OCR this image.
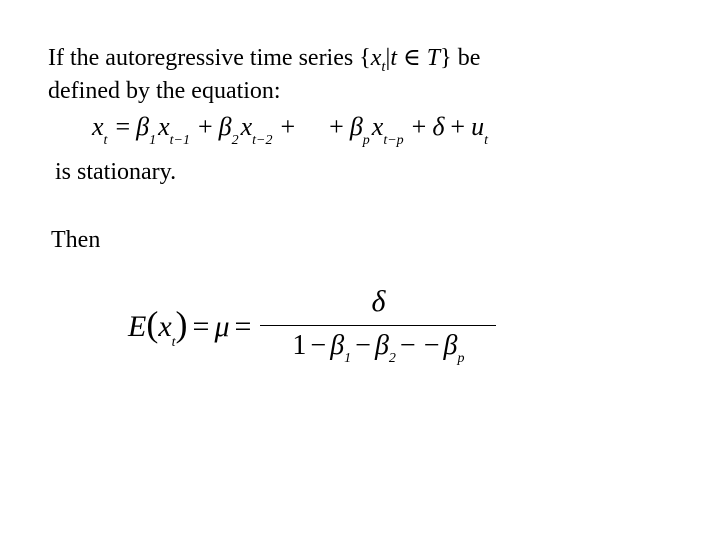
If the autoregressive time series {$x_t|t$ ∈ T} be
defined by the equation:
$x_t = \beta_1x_{t-1} + \beta_2x_{t-2}$ + + $\beta_px_{t-p} + \delta + u_t$
is stationary.
Then
$E(x_t) = \mu = \frac{\delta}{1 - \beta_1 - \beta_2 - - \beta_p}$
